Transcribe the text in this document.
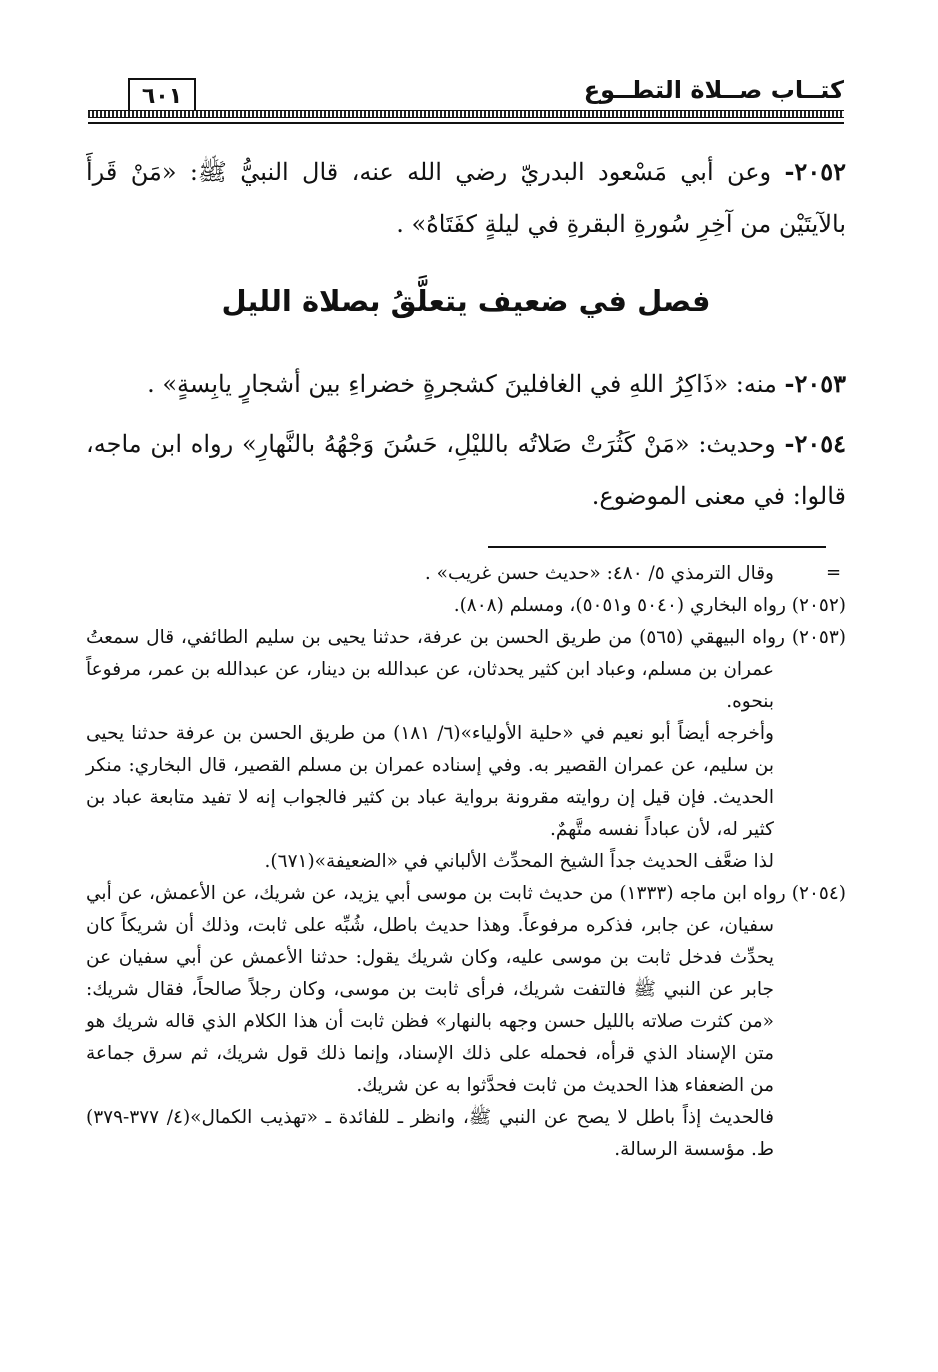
كتــاب صــلاة التطــوع
٦٠١

٢٠٥٢- وعن أبي مَسْعود البدريّ رضي الله عنه، قال النبيُّ ﷺ: «مَنْ قَرأَ بالآيتَيْن من آخِرِ سُورةِ البقرةِ في ليلةٍ كفَتَاهُ» .

فصل في ضعيف يتعلَّقُ بصلاة الليل

٢٠٥٣- منه: «ذَاكِرُ اللهِ في الغافلينَ كشجرةٍ خضراءِ بين أشجارٍ يابِسةٍ» .

٢٠٥٤- وحديث: «مَنْ كَثُرَتْ صَلاتُه بالليْلِ، حَسُنَ وَجْهُهُ بالنَّهارِ» رواه ابن ماجه، قالوا: في معنى الموضوع.

=

وقال الترمذي ٥/ ٤٨٠: «حديث حسن غريب» .

(٢٠٥٢) رواه البخاري (٥٠٤٠ و٥٠٥١)، ومسلم (٨٠٨).

(٢٠٥٣) رواه البيهقي (٥٦٥) من طريق الحسن بن عرفة، حدثنا يحيى بن سليم الطائفي، قال سمعتُ عمران بن مسلم، وعباد ابن كثير يحدثان، عن عبدالله بن دينار، عن عبدالله بن عمر، مرفوعاً بنحوه.

وأخرجه أيضاً أبو نعيم في «حلية الأولياء»(٦/ ١٨١) من طريق الحسن بن عرفة حدثنا يحيى بن سليم، عن عمران القصير به. وفي إسناده عمران بن مسلم القصير، قال البخاري: منكر الحديث. فإن قيل إن روايته مقرونة برواية عباد بن كثير فالجواب إنه لا تفيد متابعة عباد بن كثير له، لأن عباداً نفسه متَّهمٌ.

لذا ضعَّف الحديث جداً الشيخ المحدِّث الألباني في «الضعيفة»(٦٧١).

(٢٠٥٤) رواه ابن ماجه (١٣٣٣) من حديث ثابت بن موسى أبي يزيد، عن شريك، عن الأعمش، عن أبي سفيان، عن جابر، فذكره مرفوعاً. وهذا حديث باطل، شُبِّه على ثابت، وذلك أن شريكاً كان يحدِّث فدخل ثابت بن موسى عليه، وكان شريك يقول: حدثنا الأعمش عن أبي سفيان عن جابر عن النبي ﷺ فالتفت شريك، فرأى ثابت بن موسى، وكان رجلاً صالحاً، فقال شريك: «من كثرت صلاته بالليل حسن وجهه بالنهار» فظن ثابت أن هذا الكلام الذي قاله شريك هو متن الإسناد الذي قرأه، فحمله على ذلك الإسناد، وإنما ذلك قول شريك، ثم سرق جماعة من الضعفاء هذا الحديث من ثابت فحدَّثوا به عن شريك.

فالحديث إذاً باطل لا يصح عن النبي ﷺ، وانظر ـ للفائدة ـ «تهذيب الكمال»(٤/ ٣٧٧-٣٧٩) ط. مؤسسة الرسالة.
